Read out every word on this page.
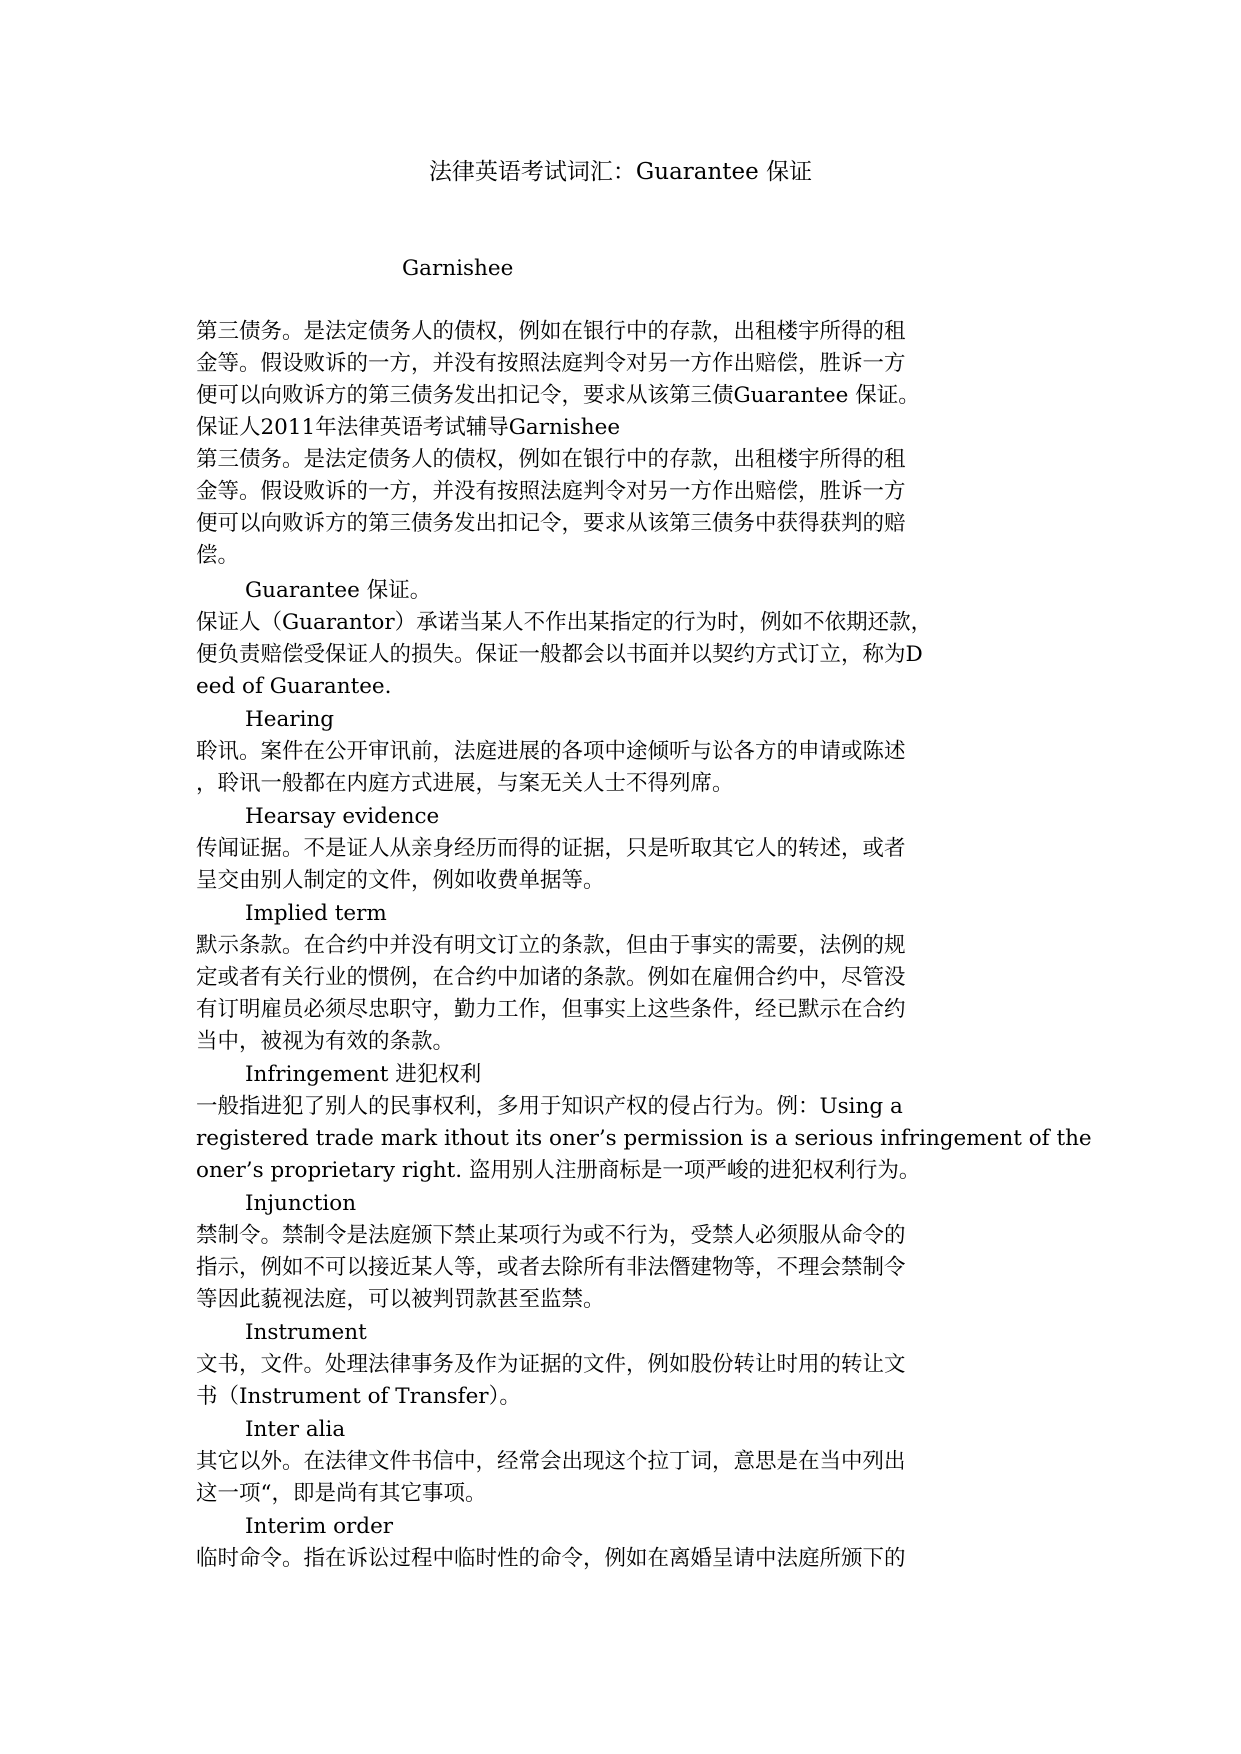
法律英语考试词汇：Guarantee 保证
Garnishee
第三债务。是法定债务人的债权，例如在银行中的存款，出租楼宇所得的租
金等。假设败诉的一方，并没有按照法庭判令对另一方作出赔偿，胜诉一方
便可以向败诉方的第三债务发出扣记令，要求从该第三债Guarantee 保证。
保证人2011年法律英语考试辅导Garnishee
第三债务。是法定债务人的债权，例如在银行中的存款，出租楼宇所得的租
金等。假设败诉的一方，并没有按照法庭判令对另一方作出赔偿，胜诉一方
便可以向败诉方的第三债务发出扣记令，要求从该第三债务中获得获判的赔
偿。
Guarantee 保证。
保证人（Guarantor）承诺当某人不作出某指定的行为时，例如不依期还款，
便负责赔偿受保证人的损失。保证一般都会以书面并以契约方式订立，称为D
eed of Guarantee.
Hearing
聆讯。案件在公开审讯前，法庭进展的各项中途倾听与讼各方的申请或陈述
，聆讯一般都在内庭方式进展，与案无关人士不得列席。
Hearsay evidence
传闻证据。不是证人从亲身经历而得的证据，只是听取其它人的转述，或者
呈交由别人制定的文件，例如收费单据等。
Implied term
默示条款。在合约中并没有明文订立的条款，但由于事实的需要，法例的规
定或者有关行业的惯例，在合约中加诸的条款。例如在雇佣合约中，尽管没
有订明雇员必须尽忠职守，勤力工作，但事实上这些条件，经已默示在合约
当中，被视为有效的条款。
Infringement 进犯权利
一般指进犯了别人的民事权利，多用于知识产权的侵占行为。例：Using a
registered trade mark ithout its oner’s permission is a serious infringement of the
oner’s proprietary right. 盗用别人注册商标是一项严峻的进犯权利行为。
Injunction
禁制令。禁制令是法庭颁下禁止某项行为或不行为，受禁人必须服从命令的
指示，例如不可以接近某人等，或者去除所有非法僭建物等，不理会禁制令
等因此藐视法庭，可以被判罚款甚至监禁。
Instrument
文书，文件。处理法律事务及作为证据的文件，例如股份转让时用的转让文
书（Instrument of Transfer）。
Inter alia
其它以外。在法律文件书信中，经常会出现这个拉丁词，意思是在当中列出
这一项“，即是尚有其它事项。
Interim order
临时命令。指在诉讼过程中临时性的命令，例如在离婚呈请中法庭所颁下的
